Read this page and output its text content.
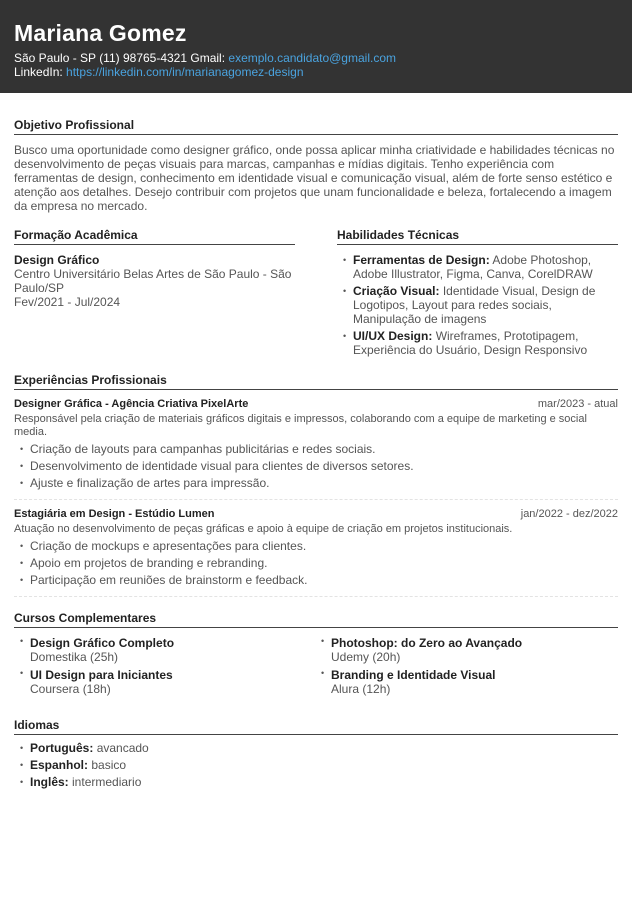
Mariana Gomez
São Paulo - SP (11) 98765-4321 Gmail: exemplo.candidato@gmail.com
LinkedIn: https://linkedin.com/in/marianagomez-design
Objetivo Profissional
Busco uma oportunidade como designer gráfico, onde possa aplicar minha criatividade e habilidades técnicas no desenvolvimento de peças visuais para marcas, campanhas e mídias digitais. Tenho experiência com ferramentas de design, conhecimento em identidade visual e comunicação visual, além de forte senso estético e atenção aos detalhes. Desejo contribuir com projetos que unam funcionalidade e beleza, fortalecendo a imagem da empresa no mercado.
Formação Acadêmica
Design Gráfico
Centro Universitário Belas Artes de São Paulo - São Paulo/SP
Fev/2021 - Jul/2024
Habilidades Técnicas
• Ferramentas de Design: Adobe Photoshop, Adobe Illustrator, Figma, Canva, CorelDRAW
• Criação Visual: Identidade Visual, Design de Logotipos, Layout para redes sociais, Manipulação de imagens
• UI/UX Design: Wireframes, Prototipagem, Experiência do Usuário, Design Responsivo
Experiências Profissionais
Designer Gráfica - Agência Criativa PixelArte	mar/2023 - atual
Responsável pela criação de materiais gráficos digitais e impressos, colaborando com a equipe de marketing e social media.
• Criação de layouts para campanhas publicitárias e redes sociais.
• Desenvolvimento de identidade visual para clientes de diversos setores.
• Ajuste e finalização de artes para impressão.
Estagiária em Design - Estúdio Lumen	jan/2022 - dez/2022
Atuação no desenvolvimento de peças gráficas e apoio à equipe de criação em projetos institucionais.
• Criação de mockups e apresentações para clientes.
• Apoio em projetos de branding e rebranding.
• Participação em reuniões de brainstorm e feedback.
Cursos Complementares
• Design Gráfico Completo
Domestika (25h)
• UI Design para Iniciantes
Coursera (18h)
• Photoshop: do Zero ao Avançado
Udemy (20h)
• Branding e Identidade Visual
Alura (12h)
Idiomas
• Português: avancado
• Espanhol: basico
• Inglês: intermediario
